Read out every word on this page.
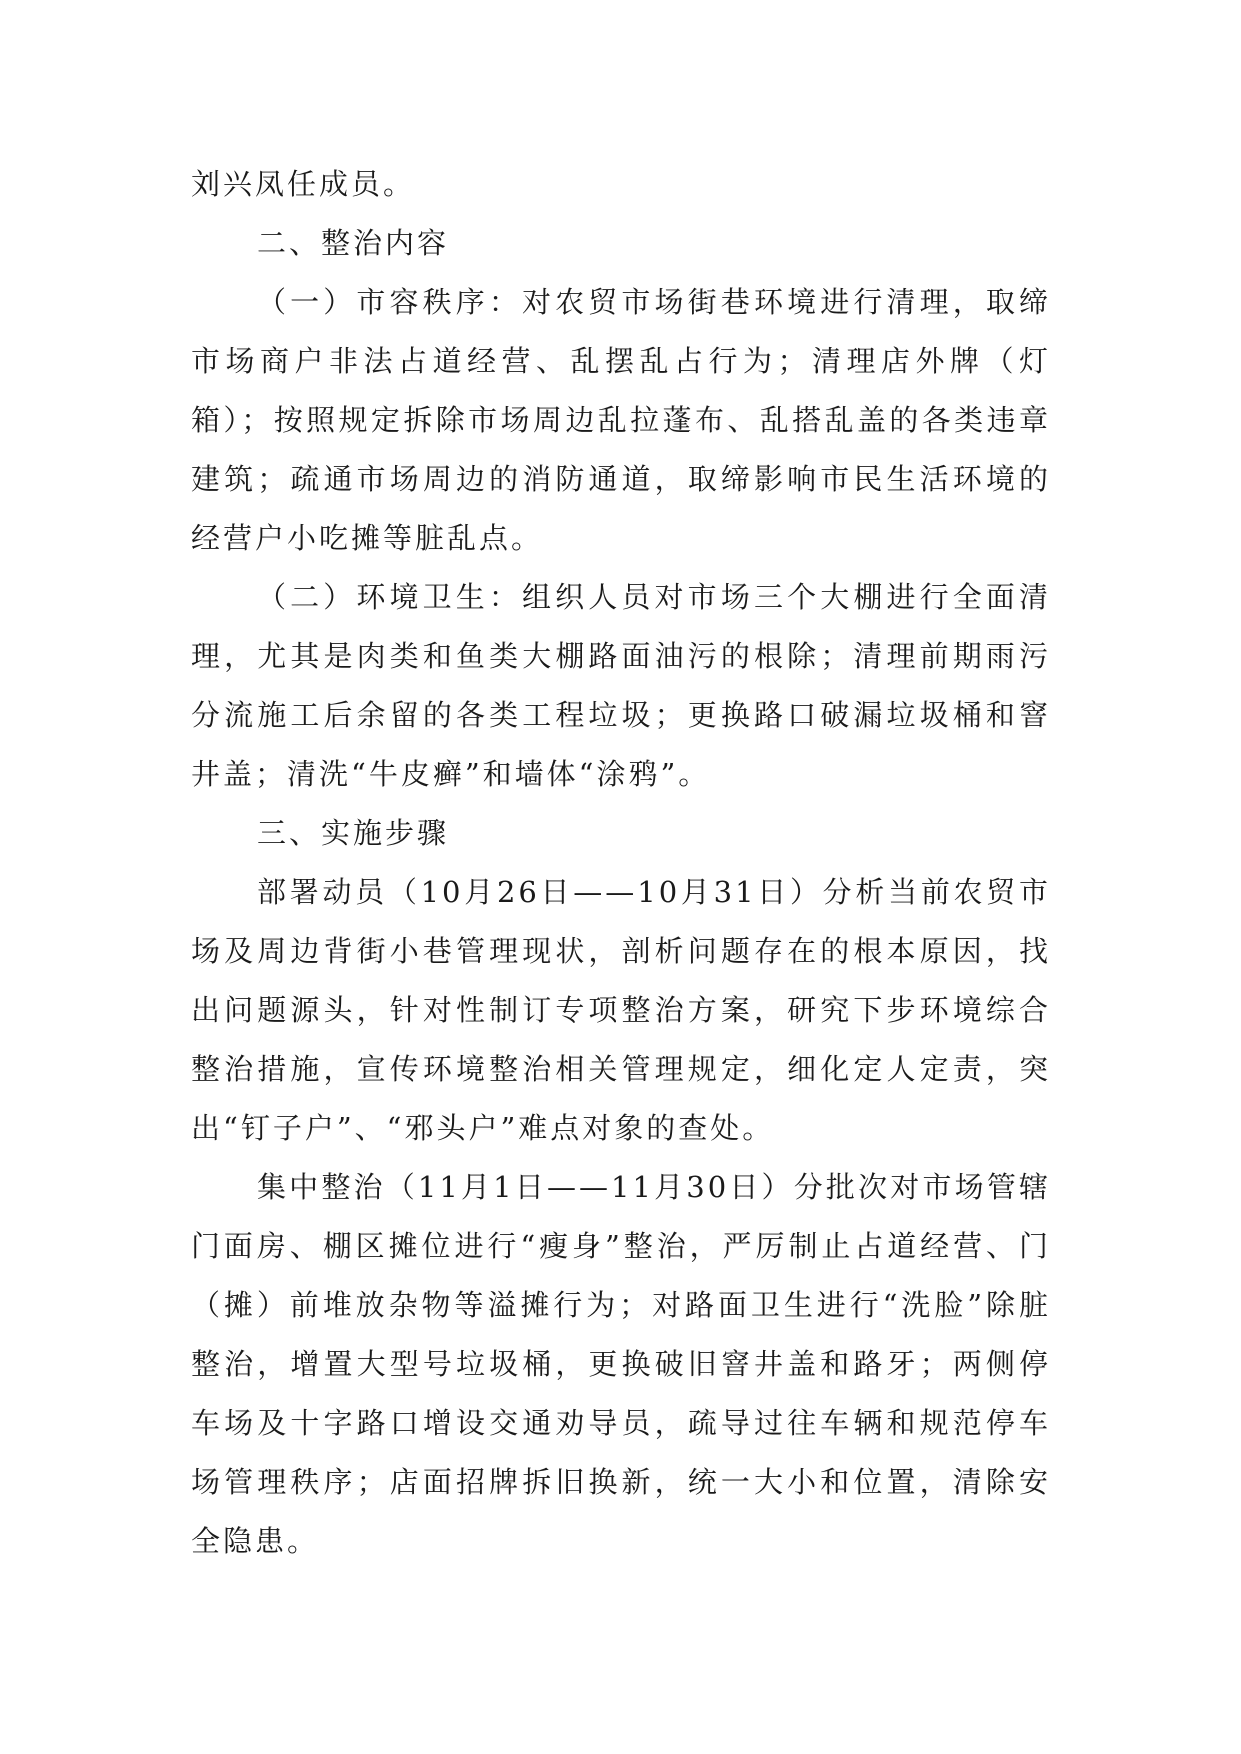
刘兴凤任成员。

二、整治内容

（一）市容秩序：对农贸市场街巷环境进行清理，取缔市场商户非法占道经营、乱摆乱占行为；清理店外牌（灯箱）；按照规定拆除市场周边乱拉蓬布、乱搭乱盖的各类违章建筑；疏通市场周边的消防通道，取缔影响市民生活环境的经营户小吃摊等脏乱点。

（二）环境卫生：组织人员对市场三个大棚进行全面清理，尤其是肉类和鱼类大棚路面油污的根除；清理前期雨污分流施工后余留的各类工程垃圾；更换路口破漏垃圾桶和窨井盖；清洗“牛皮癣”和墙体“涂鸦”。

三、实施步骤

部署动员（10月26日——10月31日）分析当前农贸市场及周边背街小巷管理现状，剖析问题存在的根本原因，找出问题源头，针对性制订专项整治方案，研究下步环境综合整治措施，宣传环境整治相关管理规定，细化定人定责，突出“钉子户”、“邪头户”难点对象的查处。

集中整治（11月1日——11月30日）分批次对市场管辖门面房、棚区摊位进行“瘦身”整治，严厉制止占道经营、门（摊）前堆放杂物等溢摊行为；对路面卫生进行“洗脸”除脏整治，增置大型号垃圾桶，更换破旧窨井盖和路牙；两侧停车场及十字路口增设交通劝导员，疏导过往车辆和规范停车场管理秩序；店面招牌拆旧换新，统一大小和位置，清除安全隐患。
